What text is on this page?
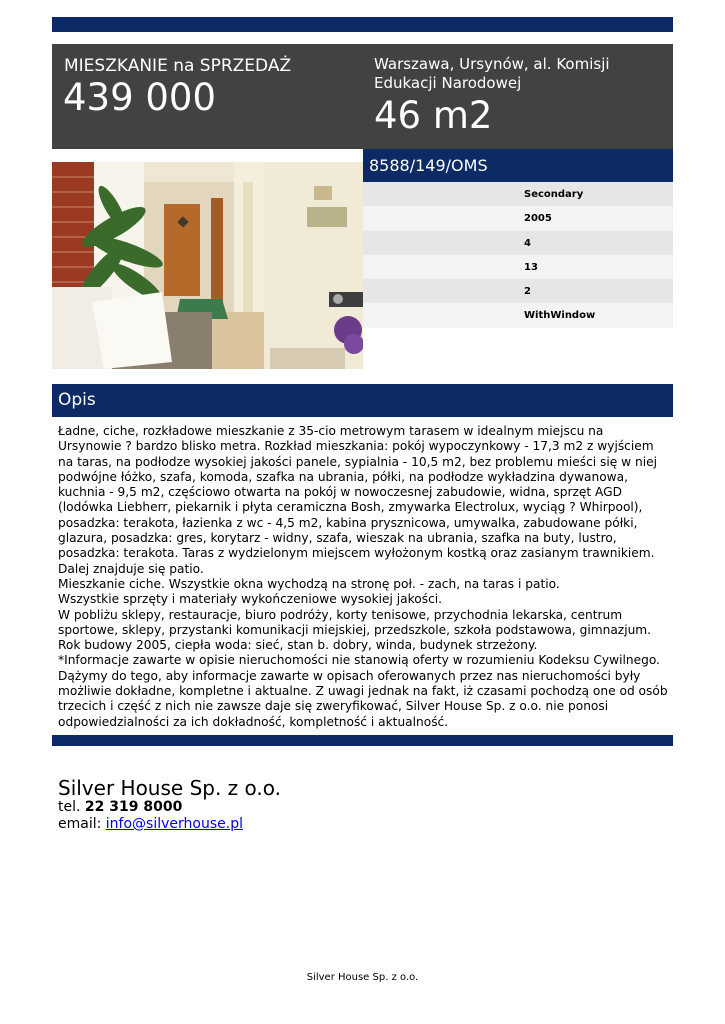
MIESZKANIE na SPRZEDAŻ
439 000
Warszawa, Ursynów, al. Komisji Edukacji Narodowej
46 m2
8588/149/OMS
Secondary
2005
4
13
2
WithWindow
Opis
Ładne, ciche, rozkładowe mieszkanie z 35-cio metrowym tarasem w idealnym miejscu na Ursynowie ? bardzo blisko metra. Rozkład mieszkania: pokój wypoczynkowy - 17,3 m2 z wyjściem na taras, na podłodze wysokiej jakości panele, sypialnia - 10,5 m2, bez problemu mieści się w niej podwójne łóżko, szafa, komoda, szafka na ubrania, półki, na podłodze wykładzina dywanowa, kuchnia - 9,5 m2, częściowo otwarta na pokój w nowoczesnej zabudowie, widna, sprzęt AGD (lodówka Liebherr, piekarnik i płyta ceramiczna Bosh, zmywarka Electrolux, wyciąg ? Whirpool), posadzka: terakota, łazienka z wc - 4,5 m2, kabina prysznicowa, umywalka, zabudowane półki, glazura, posadzka: gres, korytarz - widny, szafa, wieszak na ubrania, szafka na buty, lustro, posadzka: terakota. Taras z wydzielonym miejscem wyłożonym kostką oraz zasianym trawnikiem. Dalej znajduje się patio.
Mieszkanie ciche. Wszystkie okna wychodzą na stronę poł. - zach, na taras i patio.
Wszystkie sprzęty i materiały wykończeniowe wysokiej jakości.
W pobliżu sklepy, restauracje, biuro podróży, korty tenisowe, przychodnia lekarska, centrum sportowe, sklepy, przystanki komunikacji miejskiej, przedszkole, szkoła podstawowa, gimnazjum. Rok budowy 2005, ciepła woda: sieć, stan b. dobry, winda, budynek strzeżony.
*Informacje zawarte w opisie nieruchomości nie stanowią oferty w rozumieniu Kodeksu Cywilnego. Dążymy do tego, aby informacje zawarte w opisach oferowanych przez nas nieruchomości były możliwie dokładne, kompletne i aktualne. Z uwagi jednak na fakt, iż czasami pochodzą one od osób trzecich i część z nich nie zawsze daje się zweryfikować, Silver House Sp. z o.o. nie ponosi odpowiedzialności za ich dokładność, kompletność i aktualność.
Silver House Sp. z o.o.
tel. 22 319 8000
email: info@silverhouse.pl
Silver House Sp. z o.o.
